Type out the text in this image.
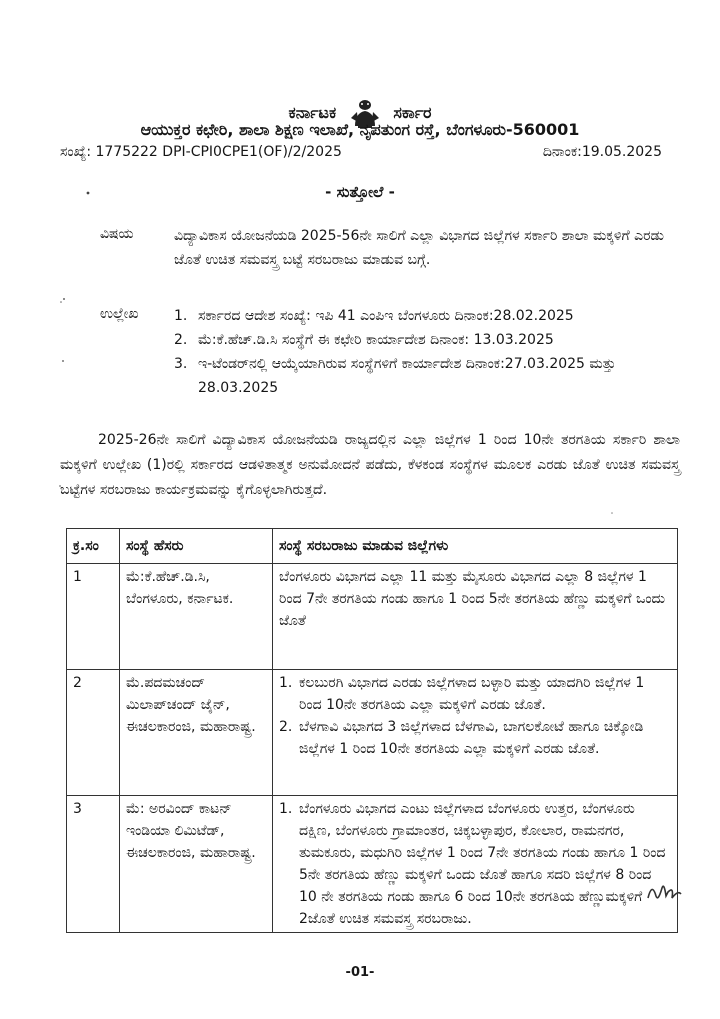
ಕರ್ನಾಟಕ	ಸರ್ಕಾರ
ಆಯುಕ್ತರ ಕಛೇರಿ, ಶಾಲಾ ಶಿಕ್ಷಣ ಇಲಾಖೆ, ನೃಪತುಂಗ ರಸ್ತೆ, ಬೆಂಗಳೂರು-560001
ಸಂಖ್ಯೆ: 1775222 DPI-CPI0CPE1(OF)/2/2025	ದಿನಾಂಕ:19.05.2025
- ಸುತ್ತೋಲೆ -
ವಿಷಯ	ವಿದ್ಯಾವಿಕಾಸ ಯೋಜನೆಯಡಿ 2025-56ನೇ ಸಾಲಿಗೆ ಎಲ್ಲಾ ವಿಭಾಗದ ಜಿಲ್ಲೆಗಳ ಸರ್ಕಾರಿ ಶಾಲಾ ಮಕ್ಕಳಿಗೆ ಎರಡು ಜೊತೆ ಉಚಿತ ಸಮವಸ್ತ್ರ ಬಟ್ಟೆ ಸರಬರಾಜು ಮಾಡುವ ಬಗ್ಗೆ.
ಉಲ್ಲೇಖ	1. ಸರ್ಕಾರದ ಆದೇಶ ಸಂಖ್ಯೆ: ಇಪಿ 41 ಎಂಪಿಇ ಬೆಂಗಳೂರು ದಿನಾಂಕ:28.02.2025
2. ಮೆ:ಕೆ.ಹೆಚ್.ಡಿ.ಸಿ ಸಂಸ್ಥೆಗೆ ಈ ಕಛೇರಿ ಕಾರ್ಯಾದೇಶ ದಿನಾಂಕ: 13.03.2025
3. ಇ-ಟೆಂಡರ್‌ನಲ್ಲಿ ಆಯ್ಕೆಯಾಗಿರುವ ಸಂಸ್ಥೆಗಳಿಗೆ ಕಾರ್ಯಾದೇಶ ದಿನಾಂಕ:27.03.2025 ಮತ್ತು 28.03.2025
2025-26ನೇ ಸಾಲಿಗೆ ವಿದ್ಯಾವಿಕಾಸ ಯೋಜನೆಯಡಿ ರಾಜ್ಯದಲ್ಲಿನ ಎಲ್ಲಾ ಜಿಲ್ಲೆಗಳ 1 ರಿಂದ 10ನೇ ತರಗತಿಯ ಸರ್ಕಾರಿ ಶಾಲಾ ಮಕ್ಕಳಿಗೆ ಉಲ್ಲೇಖ (1)ರಲ್ಲಿ ಸರ್ಕಾರದ ಆಡಳಿತಾತ್ಮಕ ಅನುಮೋದನೆ ಪಡೆದು, ಕೆಳಕಂಡ ಸಂಸ್ಥೆಗಳ ಮೂಲಕ ಎರಡು ಜೊತೆ ಉಚಿತ ಸಮವಸ್ತ್ರ ಬಟ್ಟೆಗಳ ಸರಬರಾಜು ಕಾರ್ಯಕ್ರಮವನ್ನು ಕೈಗೊಳ್ಳಲಾಗಿರುತ್ತದೆ.
ಕ್ರ.ಸಂ	ಸಂಸ್ಥೆ ಹೆಸರು	ಸಂಸ್ಥೆ ಸರಬರಾಜು ಮಾಡುವ ಜಿಲ್ಲೆಗಳು
1	ಮೆ:ಕೆ.ಹೆಚ್.ಡಿ.ಸಿ, ಬೆಂಗಳೂರು, ಕರ್ನಾಟಕ.	ಬೆಂಗಳೂರು ವಿಭಾಗದ ಎಲ್ಲಾ 11 ಮತ್ತು ಮೈಸೂರು ವಿಭಾಗದ ಎಲ್ಲಾ 8 ಜಿಲ್ಲೆಗಳ 1 ರಿಂದ 7ನೇ ತರಗತಿಯ ಗಂಡು ಹಾಗೂ 1 ರಿಂದ 5ನೇ ತರಗತಿಯ ಹೆಣ್ಣು ಮಕ್ಕಳಿಗೆ ಒಂದು ಜೊತೆ

2	ಮೆ.ಪದಮಚಂದ್ ಮಿಲಾಪ್‌ಚಂದ್ ಜೈನ್, ಈಚಲಕಾರಂಜಿ, ಮಹಾರಾಷ್ಟ್ರ.	1. ಕಲಬುರಗಿ ವಿಭಾಗದ ಎರಡು ಜಿಲ್ಲೆಗಳಾದ ಬಳ್ಳಾರಿ ಮತ್ತು ಯಾದಗಿರಿ ಜಿಲ್ಲೆಗಳ 1 ರಿಂದ 10ನೇ ತರಗತಿಯ ಎಲ್ಲಾ ಮಕ್ಕಳಿಗೆ ಎರಡು ಜೊತೆ.
2. ಬೆಳಗಾವಿ ವಿಭಾಗದ 3 ಜಿಲ್ಲೆಗಳಾದ ಬೆಳಗಾವಿ, ಬಾಗಲಕೋಟೆ ಹಾಗೂ ಚಿಕ್ಕೋಡಿ ಜಿಲ್ಲೆಗಳ 1 ರಿಂದ 10ನೇ ತರಗತಿಯ ಎಲ್ಲಾ ಮಕ್ಕಳಿಗೆ ಎರಡು ಜೊತೆ.

3	ಮೆ: ಅರವಿಂದ್ ಕಾಟನ್ ಇಂಡಿಯಾ ಲಿಮಿಟೆಡ್, ಈಚಲಕಾರಂಜಿ, ಮಹಾರಾಷ್ಟ್ರ.	1. ಬೆಂಗಳೂರು ವಿಭಾಗದ ಎಂಟು ಜಿಲ್ಲೆಗಳಾದ ಬೆಂಗಳೂರು ಉತ್ತರ, ಬೆಂಗಳೂರು ದಕ್ಷಿಣ, ಬೆಂಗಳೂರು ಗ್ರಾಮಾಂತರ, ಚಿಕ್ಕಬಳ್ಳಾಪುರ, ಕೋಲಾರ, ರಾಮನಗರ, ತುಮಕೂರು, ಮಧುಗಿರಿ ಜಿಲ್ಲೆಗಳ 1 ರಿಂದ 7ನೇ ತರಗತಿಯ ಗಂಡು ಹಾಗೂ 1 ರಿಂದ 5ನೇ ತರಗತಿಯ ಹೆಣ್ಣು ಮಕ್ಕಳಿಗೆ ಒಂದು ಜೊತೆ ಹಾಗೂ ಸದರಿ ಜಿಲ್ಲೆಗಳ 8 ರಿಂದ 10 ನೇ ತರಗತಿಯ ಗಂಡು ಹಾಗೂ 6 ರಿಂದ 10ನೇ ತರಗತಿಯ ಹೆಣ್ಣುಮಕ್ಕಳಿಗೆ 2ಜೊತೆ ಉಚಿತ ಸಮವಸ್ತ್ರ ಸರಬರಾಜು.
-01-
